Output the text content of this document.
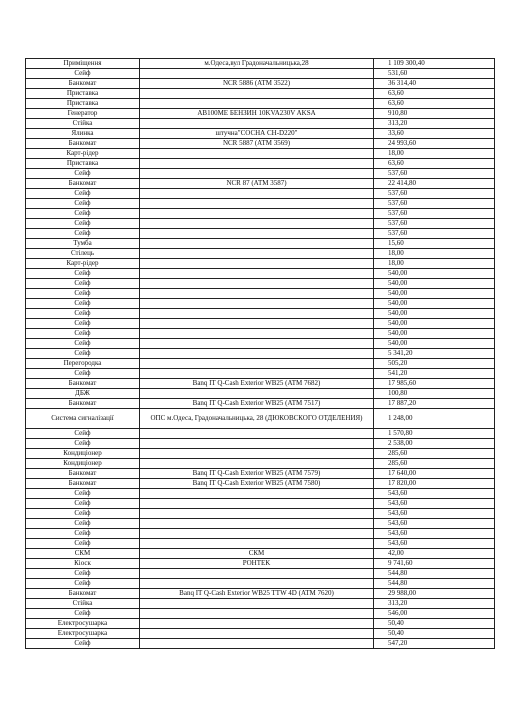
Приміщення	м.Одеса,вул Градоначальницька,28	1 109 300,40
Сейф		531,60
Банкомат	NCR 5886 (ATM 3522)	36 314,40
Приставка		63,60
Приставка		63,60
Генератор	AB100ME БЕНЗИН 10KVA230V AKSA	910,80
Стійка		313,20
Ялинка	штучна"СОСНА СН-D220"	33,60
Банкомат	NCR 5887 (ATM 3569)	24 993,60
Карт-рідер		18,00
Приставка		63,60
Сейф		537,60
Банкомат	NCR 87 (ATM 3587)	22 414,80
Сейф		537,60
Сейф		537,60
Сейф		537,60
Сейф		537,60
Сейф		537,60
Тумба		15,60
Стілець		18,00
Карт-рідер		18,00
Сейф		540,00
Сейф		540,00
Сейф		540,00
Сейф		540,00
Сейф		540,00
Сейф		540,00
Сейф		540,00
Сейф		540,00
Сейф		5 341,20
Перегородка		505,20
Сейф		541,20
Банкомат	Banq IT Q-Cash Exterior WB25 (ATM 7682)	17 985,60
ДБЖ		100,80
Банкомат	Banq IT Q-Cash Exterior WB25 (ATM 7517)	17 887,20
Система сигналізації	ОПС м.Одеса, Градоначальницька, 28 (ДЮКОВСКОГО ОТДЕЛЕНИЯ)	1 248,00
Сейф		1 570,80
Сейф		2 538,00
Кондиціонер		285,60
Кондиціонер		285,60
Банкомат	Banq IT Q-Cash Exterior WB25 (ATM 7579)	17 640,00
Банкомат	Banq IT Q-Cash Exterior WB25 (ATM 7580)	17 820,00
Сейф		543,60
Сейф		543,60
Сейф		543,60
Сейф		543,60
Сейф		543,60
Сейф		543,60
СКМ	СКМ	42,00
Кіоск	POHTEK	9 741,60
Сейф		544,80
Сейф		544,80
Банкомат	Banq IT Q-Cash Exterior WB25 TTW 4D (ATM 7620)	29 988,00
Стійка		313,20
Сейф		546,00
Електросушарка		50,40
Електросушарка		50,40
Сейф		547,20
